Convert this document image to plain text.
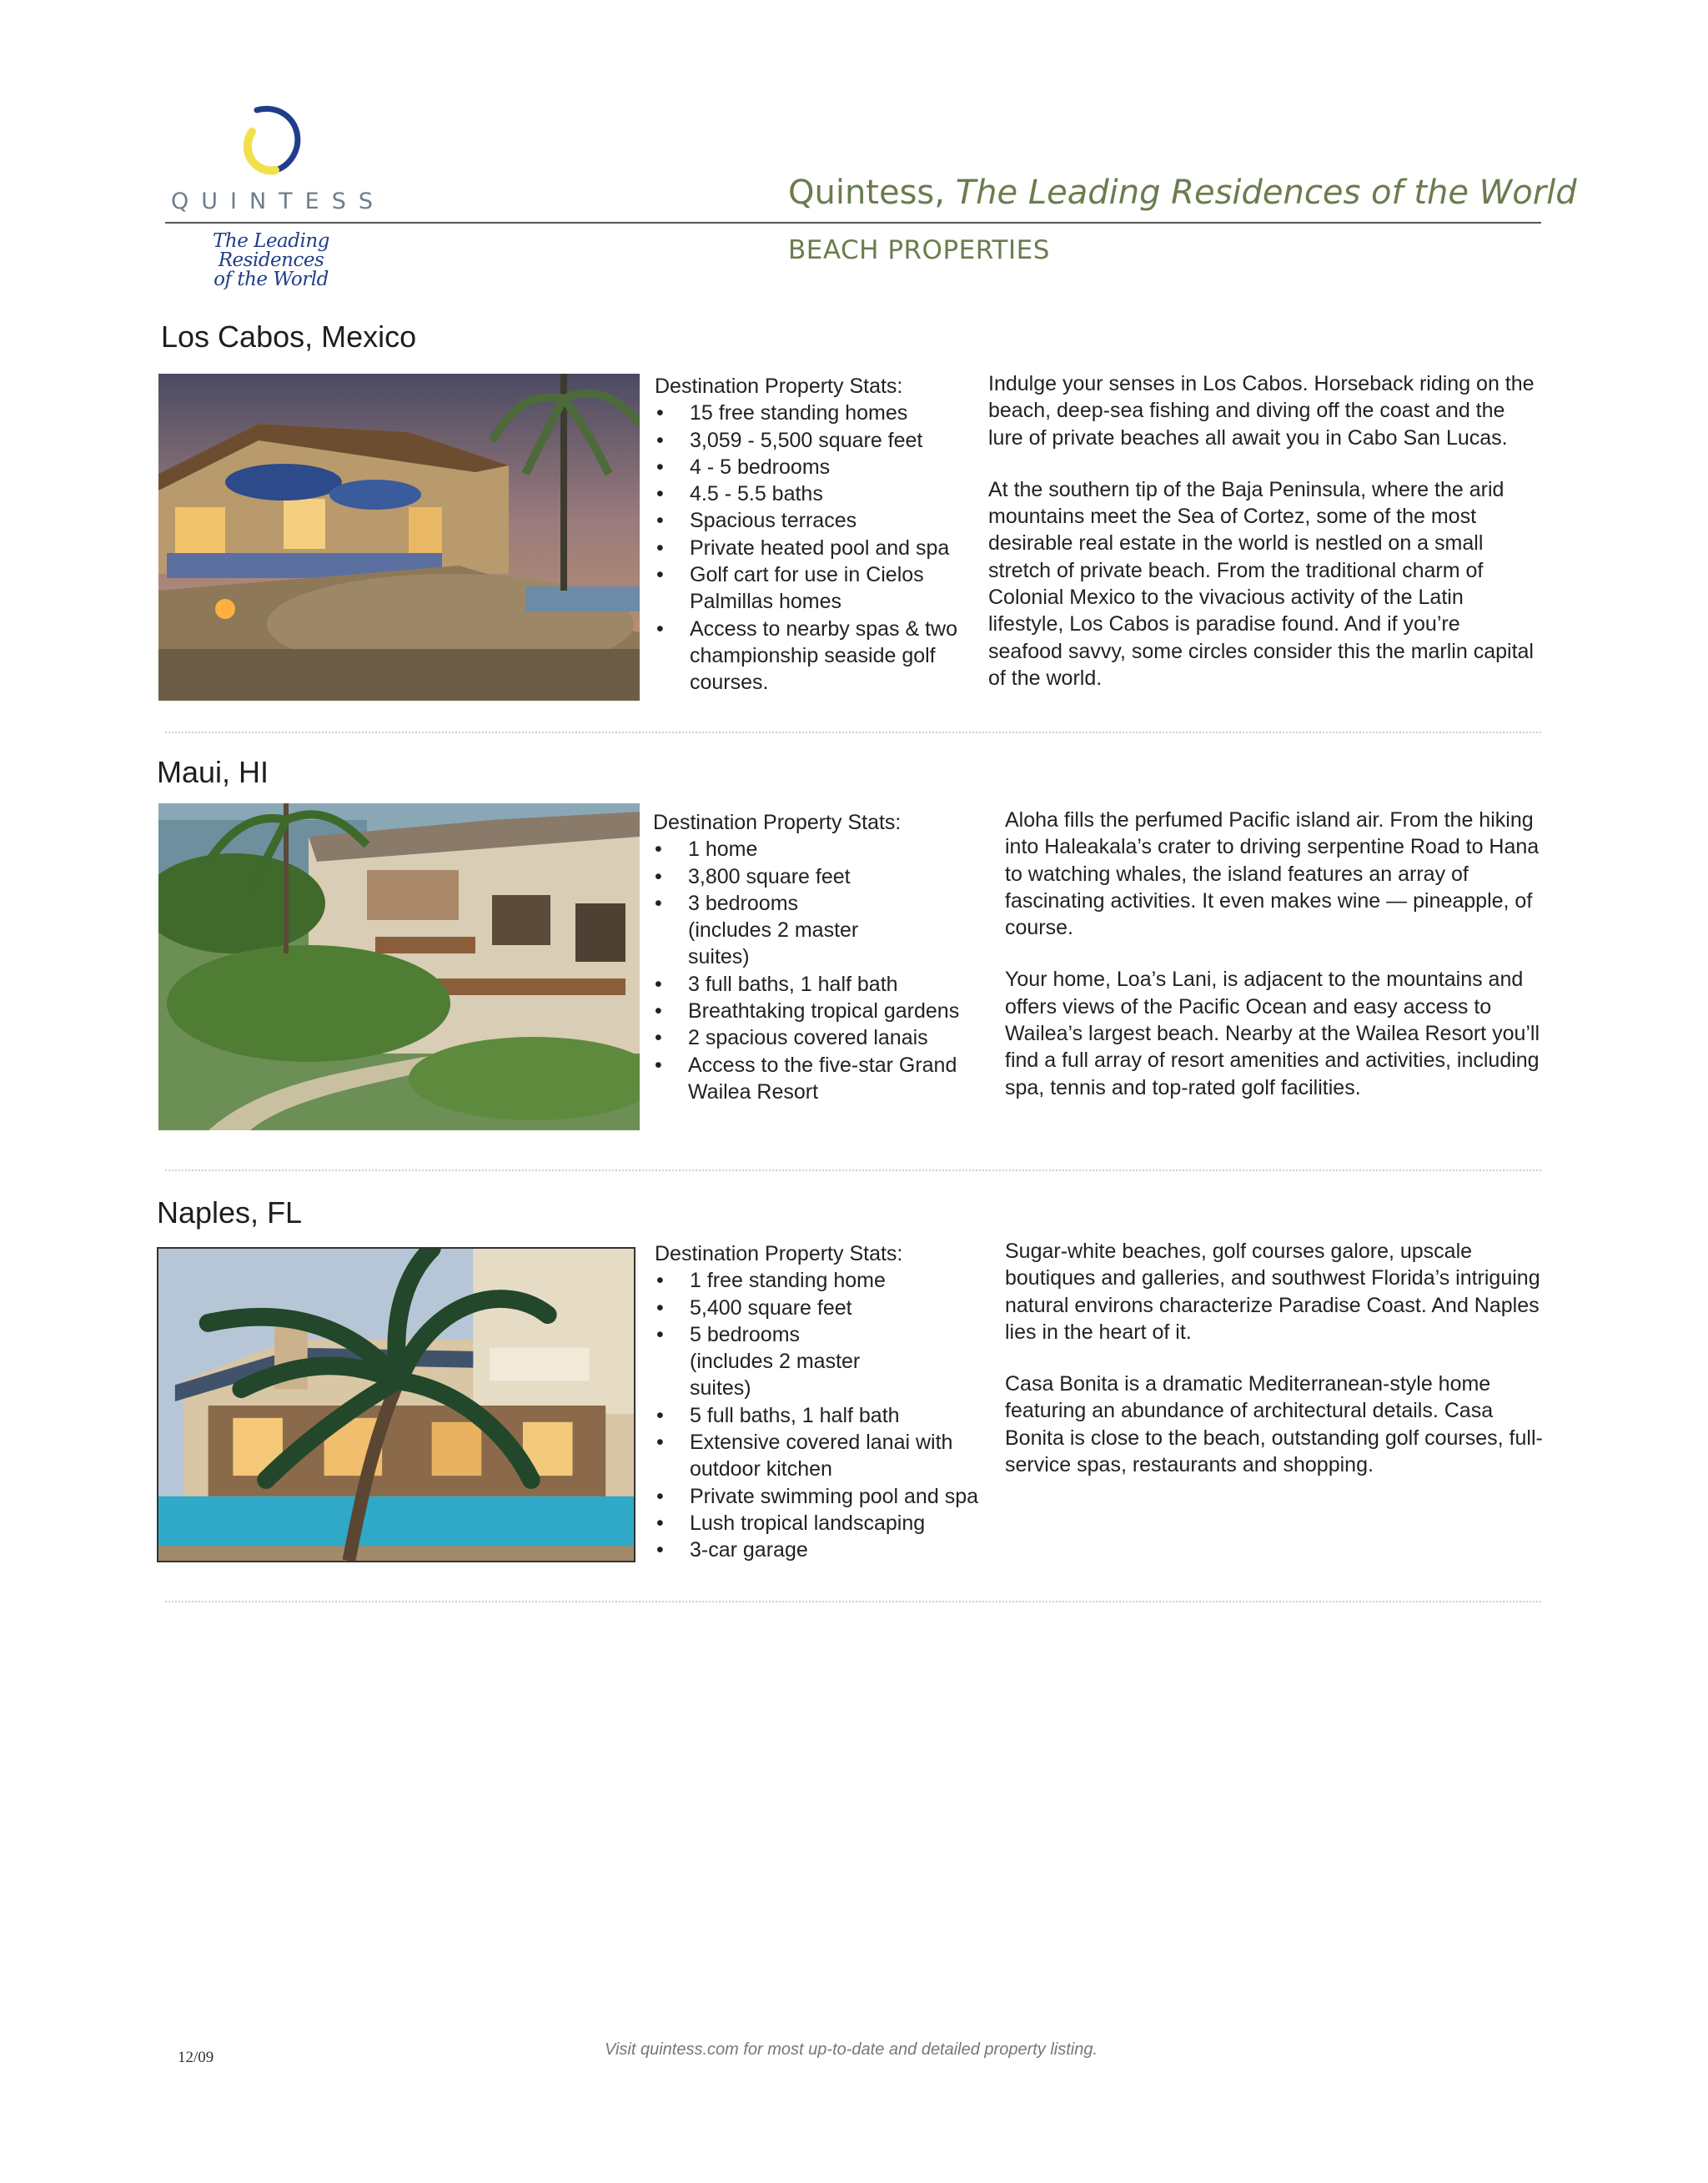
QUINTESS
The Leading Residences
of the World
Quintess, The Leading Residences of the World
BEACH PROPERTIES
Los Cabos, Mexico

Destination Property Stats:

• 15 free standing homes
• 3,059 - 5,500 square feet
• 4 - 5 bedrooms
• 4.5 - 5.5 baths
• Spacious terraces
• Private heated pool and spa
• Golf cart for use in Cielos Palmillas homes
• Access to nearby spas & two championship seaside golf courses.

Indulge your senses in Los Cabos. Horseback riding on the beach, deep-sea fishing and diving off the coast and the lure of private beaches all await you in Cabo San Lucas.

At the southern tip of the Baja Peninsula, where the arid mountains meet the Sea of Cortez, some of the most desirable real estate in the world is nestled on a small stretch of private beach. From the traditional charm of Colonial Mexico to the vivacious activity of the Latin lifestyle, Los Cabos is paradise found. And if you’re seafood savvy, some circles consider this the marlin capital of the world.

Maui, HI

Destination Property Stats:

• 1 home
• 3,800 square feet
• 3 bedrooms (includes 2 master suites)
• 3 full baths, 1 half bath
• Breathtaking tropical gardens
• 2 spacious covered lanais
• Access to the five-star Grand Wailea Resort

Aloha fills the perfumed Pacific island air. From the hiking into Haleakala’s crater to driving serpentine Road to Hana to watching whales, the island features an array of fascinating activities. It even makes wine — pineapple, of course.

Your home, Loa’s Lani, is adjacent to the mountains and offers views of the Pacific Ocean and easy access to Wailea’s largest beach. Nearby at the Wailea Resort you’ll find a full array of resort amenities and activities, including spa, tennis and top-rated golf facilities.

Naples, FL

Destination Property Stats:

• 1 free standing home
• 5,400 square feet
• 5 bedrooms (includes 2 master suites)
• 5 full baths, 1 half bath
• Extensive covered lanai with outdoor kitchen
• Private swimming pool and spa
• Lush tropical landscaping
• 3-car garage

Sugar-white beaches, golf courses galore, upscale boutiques and galleries, and southwest Florida’s intriguing natural environs characterize Paradise Coast. And Naples lies in the heart of it.

Casa Bonita is a dramatic Mediterranean-style home featuring an abundance of architectural details. Casa Bonita is close to the beach, outstanding golf courses, full-service spas, restaurants and shopping.

12/09	Visit quintess.com for most up-to-date and detailed property listing.
